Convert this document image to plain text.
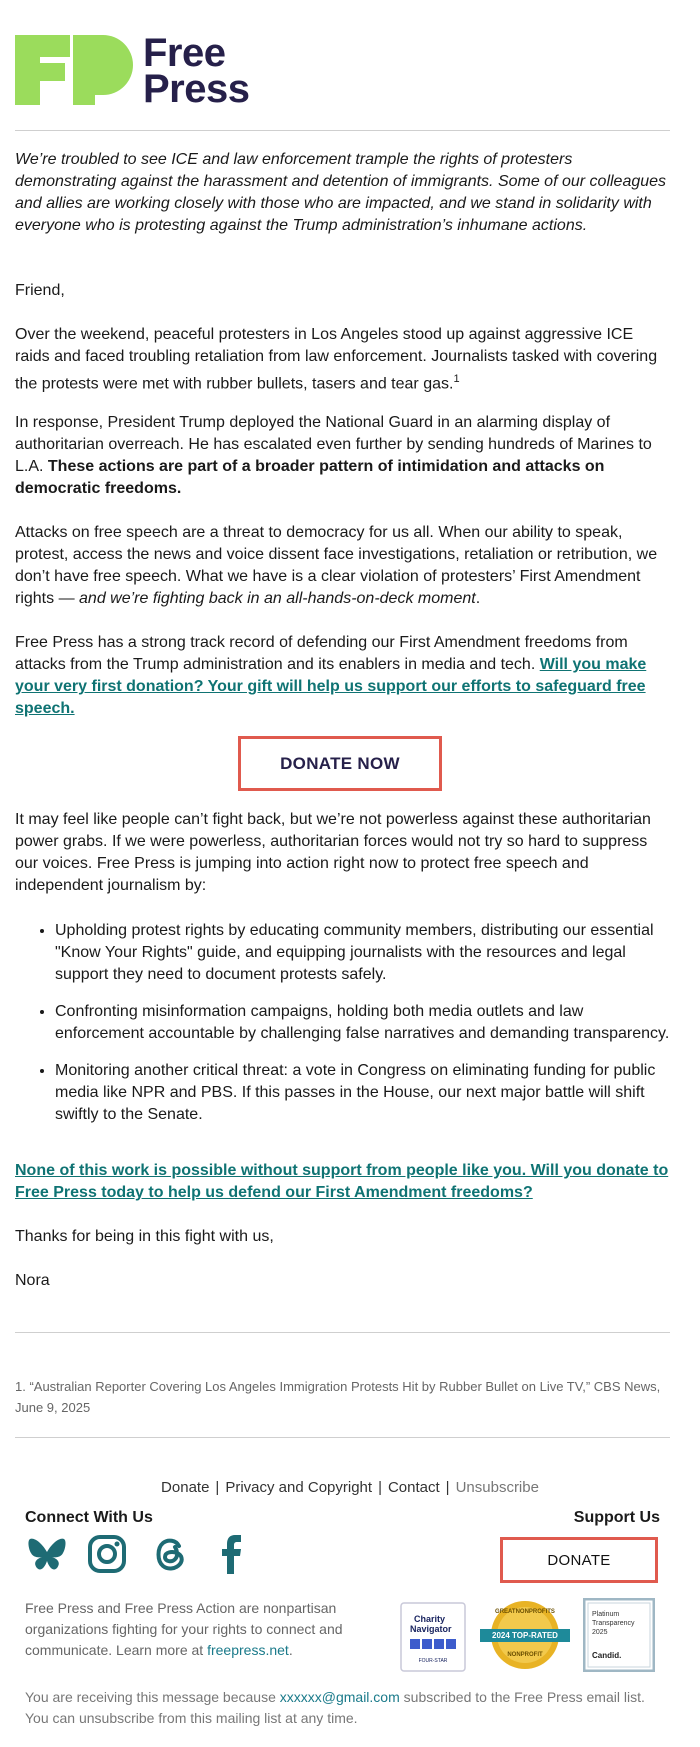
Free
Press

We’re troubled to see ICE and law enforcement trample the rights of protesters demonstrating against the harassment and detention of immigrants. Some of our colleagues and allies are working closely with those who are impacted, and we stand in solidarity with everyone who is protesting against the Trump administration’s inhumane actions.

Friend,

Over the weekend, peaceful protesters in Los Angeles stood up against aggressive ICE raids and faced troubling retaliation from law enforcement. Journalists tasked with covering the protests were met with rubber bullets, tasers and tear gas.$^1$

In response, President Trump deployed the National Guard in an alarming display of authoritarian overreach. He has escalated even further by sending hundreds of Marines to L.A. These actions are part of a broader pattern of intimidation and attacks on democratic freedoms.

Attacks on free speech are a threat to democracy for us all. When our ability to speak, protest, access the news and voice dissent face investigations, retaliation or retribution, we don’t have free speech. What we have is a clear violation of protesters’ First Amendment rights — and we’re fighting back in an all-hands-on-deck moment.

Free Press has a strong track record of defending our First Amendment freedoms from attacks from the Trump administration and its enablers in media and tech. Will you make your very first donation? Your gift will help us support our efforts to safeguard free speech.

DONATE NOW

It may feel like people can’t fight back, but we’re not powerless against these authoritarian power grabs. If we were powerless, authoritarian forces would not try so hard to suppress our voices. Free Press is jumping into action right now to protect free speech and independent journalism by:

• Upholding protest rights by educating community members, distributing our essential "Know Your Rights" guide, and equipping journalists with the resources and legal support they need to document protests safely.
• Confronting misinformation campaigns, holding both media outlets and law enforcement accountable by challenging false narratives and demanding transparency.
• Monitoring another critical threat: a vote in Congress on eliminating funding for public media like NPR and PBS. If this passes in the House, our next major battle will shift swiftly to the Senate.

None of this work is possible without support from people like you. Will you donate to Free Press today to help us defend our First Amendment freedoms?

Thanks for being in this fight with us,

Nora

1. “Australian Reporter Covering Los Angeles Immigration Protests Hit by Rubber Bullet on Live TV,” CBS News, June 9, 2025
Donate | Privacy and Copyright | Contact | Unsubscribe
Connect With Us	Support Us
DONATE
Free Press and Free Press Action are nonpartisan organizations fighting for your rights to connect and communicate. Learn more at freepress.net.
Charity
Navigator
FOUR-STAR
GREATNONPROFITS
2024 TOP-RATED
NONPROFIT
Platinum
Transparency
2025
Candid.
You are receiving this message because xxxxxx@gmail.com subscribed to the Free Press email list. You can unsubscribe from this mailing list at any time.
